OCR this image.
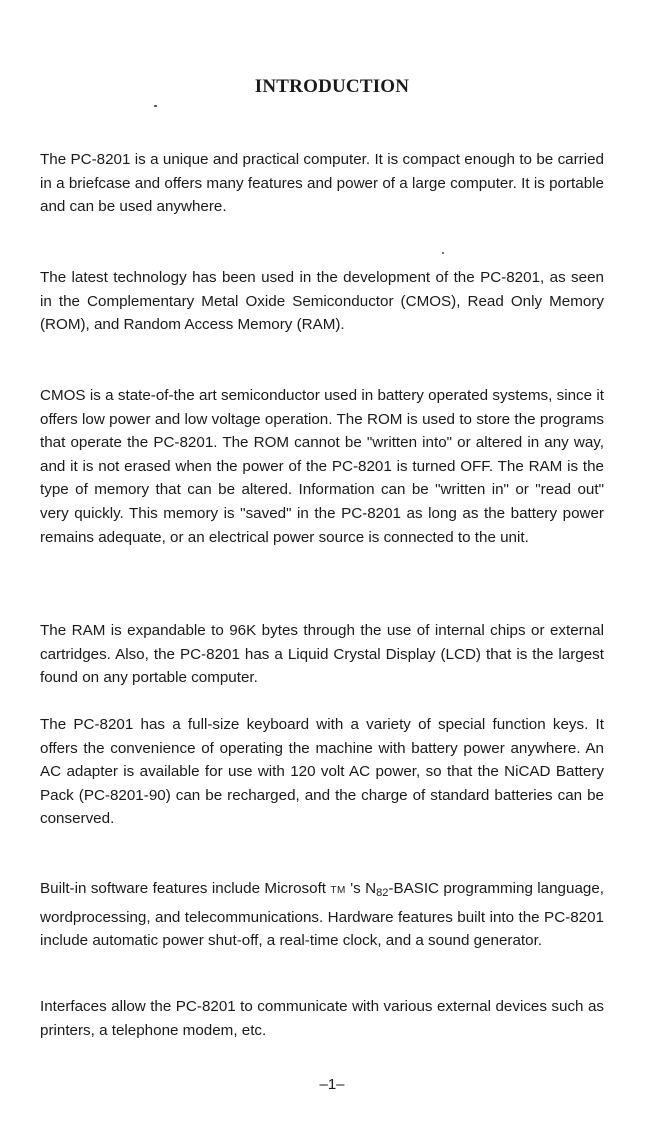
INTRODUCTION

The PC-8201 is a unique and practical computer. It is compact enough to be carried in a briefcase and offers many features and power of a large computer. It is portable and can be used anywhere.

The latest technology has been used in the development of the PC-8201, as seen in the Complementary Metal Oxide Semiconductor (CMOS), Read Only Memory (ROM), and Random Access Memory (RAM).

CMOS is a state-of-the art semiconductor used in battery operated systems, since it offers low power and low voltage operation. The ROM is used to store the programs that operate the PC-8201. The ROM cannot be "written into" or altered in any way, and it is not erased when the power of the PC-8201 is turned OFF. The RAM is the type of memory that can be altered. Information can be "written in" or "read out" very quickly. This memory is "saved" in the PC-8201 as long as the battery power remains adequate, or an electrical power source is connected to the unit.

The RAM is expandable to 96K bytes through the use of internal chips or external cartridges. Also, the PC-8201 has a Liquid Crystal Display (LCD) that is the largest found on any portable computer.

The PC-8201 has a full-size keyboard with a variety of special function keys. It offers the convenience of operating the machine with battery power anywhere. An AC adapter is available for use with 120 volt AC power, so that the NiCAD Battery Pack (PC-8201-90) can be recharged, and the charge of standard batteries can be conserved.

Built-in software features include Microsoft TM 's $N_{82}$-BASIC programming language, wordprocessing, and telecommunications. Hardware features built into the PC-8201 include automatic power shut-off, a real-time clock, and a sound generator.

Interfaces allow the PC-8201 to communicate with various external devices such as printers, a telephone modem, etc.

–1–
